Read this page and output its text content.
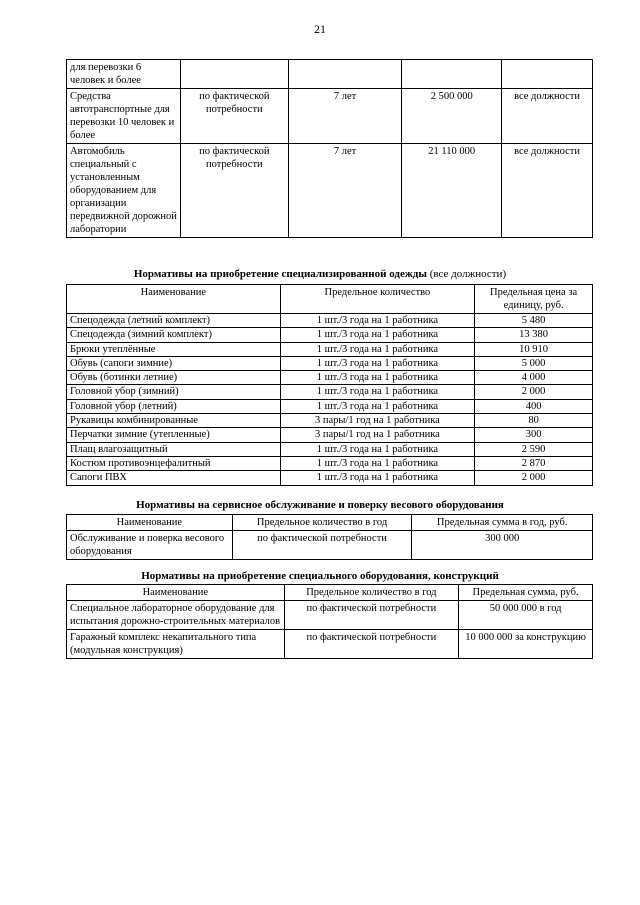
21
для перевозки 6 человек и более				
Средства автотранспортные для перевозки 10 человек и более	по фактической потребности	7 лет	2 500 000	все должности
Автомобиль специальный с установленным оборудованием для организации передвижной дорожной лаборатории	по фактической потребности	7 лет	21 110 000	все должности
Нормативы на приобретение специализированной одежды (все должности)
Наименование	Предельное количество	Предельная цена за единицу, руб.
Спецодежда (летний комплект)	1 шт./3 года на 1 работника	5 480
Спецодежда (зимний комплект)	1 шт./3 года на 1 работника	13 380
Брюки утеплённые	1 шт./3 года на 1 работника	10 910
Обувь (сапоги зимние)	1 шт./3 года на 1 работника	5 000
Обувь (ботинки летние)	1 шт./3 года на 1 работника	4 000
Головной убор (зимний)	1 шт./3 года на 1 работника	2 000
Головной убор (летний)	1 шт./3 года на 1 работника	400
Рукавицы комбинированные	3 пары/1 год на 1 работника	80
Перчатки зимние (утепленные)	3 пары/1 год на 1 работника	300
Плащ влагозащитный	1 шт./3 года на 1 работника	2 590
Костюм противоэнцефалитный	1 шт./3 года на 1 работника	2 870
Сапоги ПВХ	1 шт./3 года на 1 работника	2 000
Нормативы на сервисное обслуживание и поверку весового оборудования
Наименование	Предельное количество в год	Предельная сумма в год, руб.
Обслуживание и поверка весового оборудования	по фактической потребности	300 000
Нормативы на приобретение специального оборудования, конструкций
Наименование	Предельное количество в год	Предельная сумма, руб.
Специальное лабораторное оборудование для испытания дорожно-строительных материалов	по фактической потребности	50 000 000 в год
Гаражный комплекс некапитального типа (модульная конструкция)	по фактической потребности	10 000 000 за конструкцию
